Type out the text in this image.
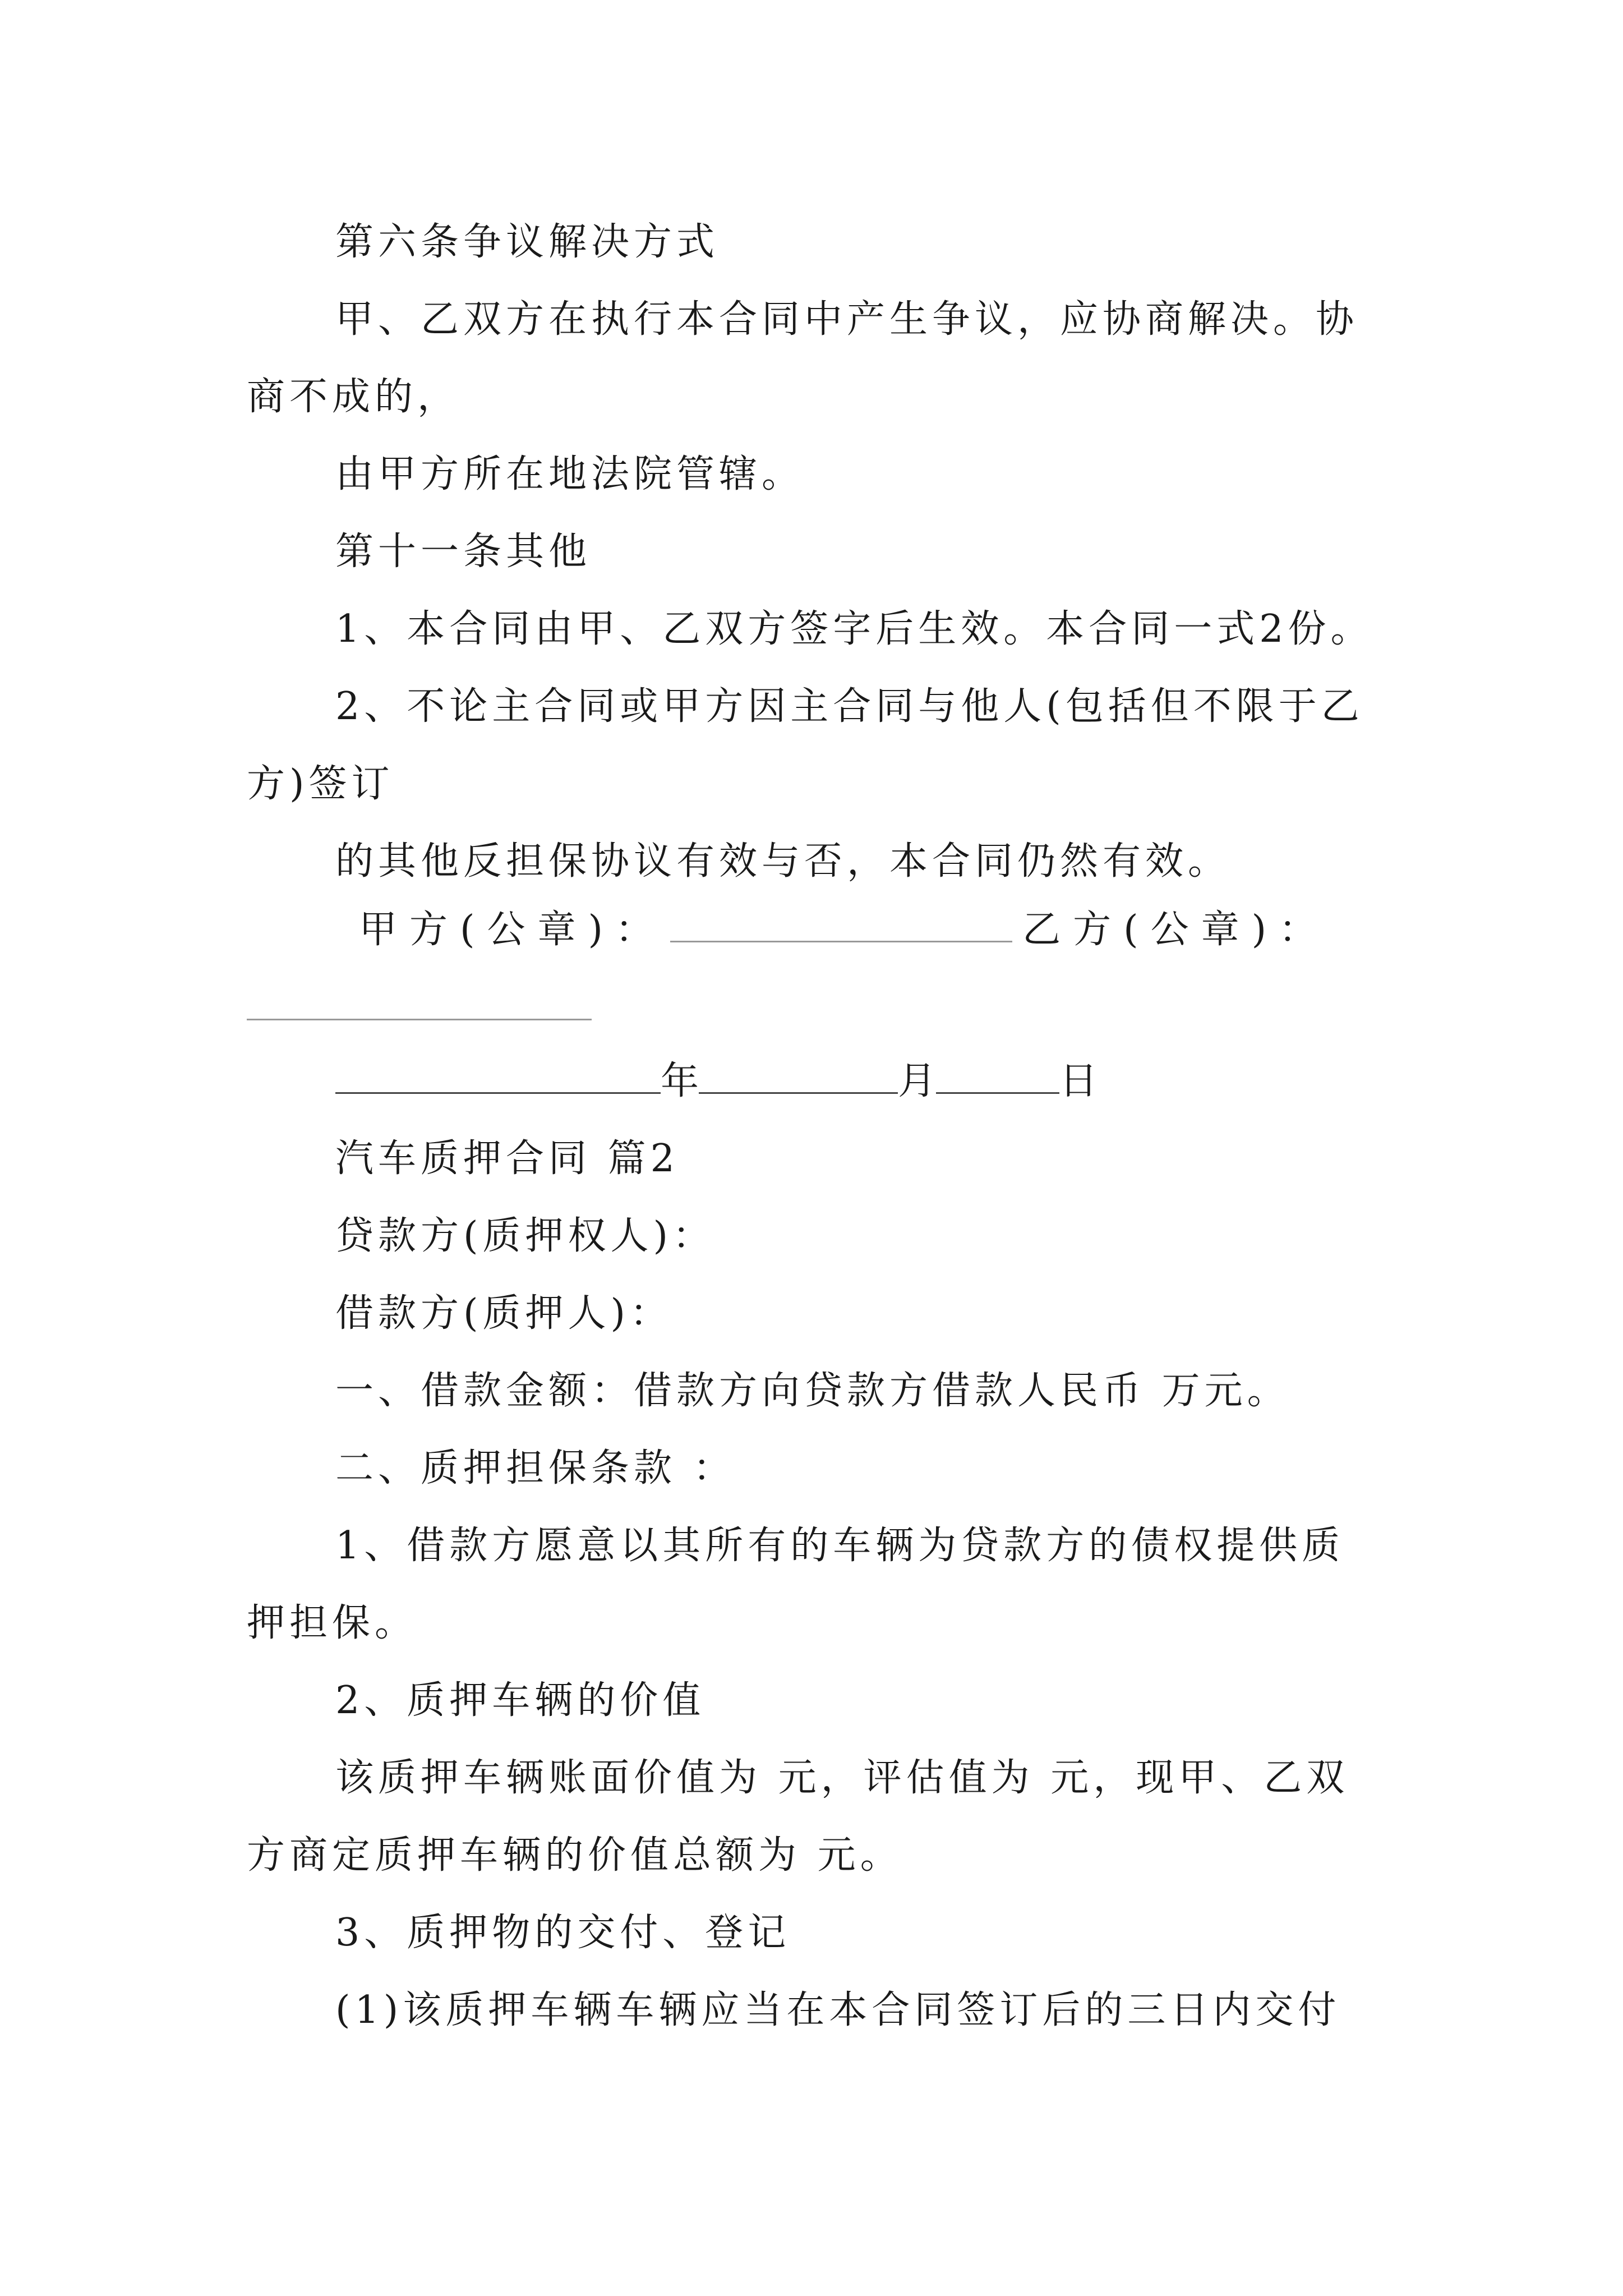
第六条争议解决方式
甲、乙双方在执行本合同中产生争议，应协商解决。协
商不成的，
由甲方所在地法院管辖。
第十一条其他
1、本合同由甲、乙双方签字后生效。本合同一式2份。
2、不论主合同或甲方因主合同与他人(包括但不限于乙
方)签订
的其他反担保协议有效与否，本合同仍然有效。
甲方(公章)：	乙方(公章)：
年	月	日
汽车质押合同 篇2
贷款方(质押权人)：
借款方(质押人)：
一、借款金额：借款方向贷款方借款人民币 万元。
二、质押担保条款 ：
1、借款方愿意以其所有的车辆为贷款方的债权提供质
押担保。
2、质押车辆的价值
该质押车辆账面价值为 元，评估值为 元，现甲、乙双
方商定质押车辆的价值总额为 元。
3、质押物的交付、登记
(1)该质押车辆车辆应当在本合同签订后的三日内交付
